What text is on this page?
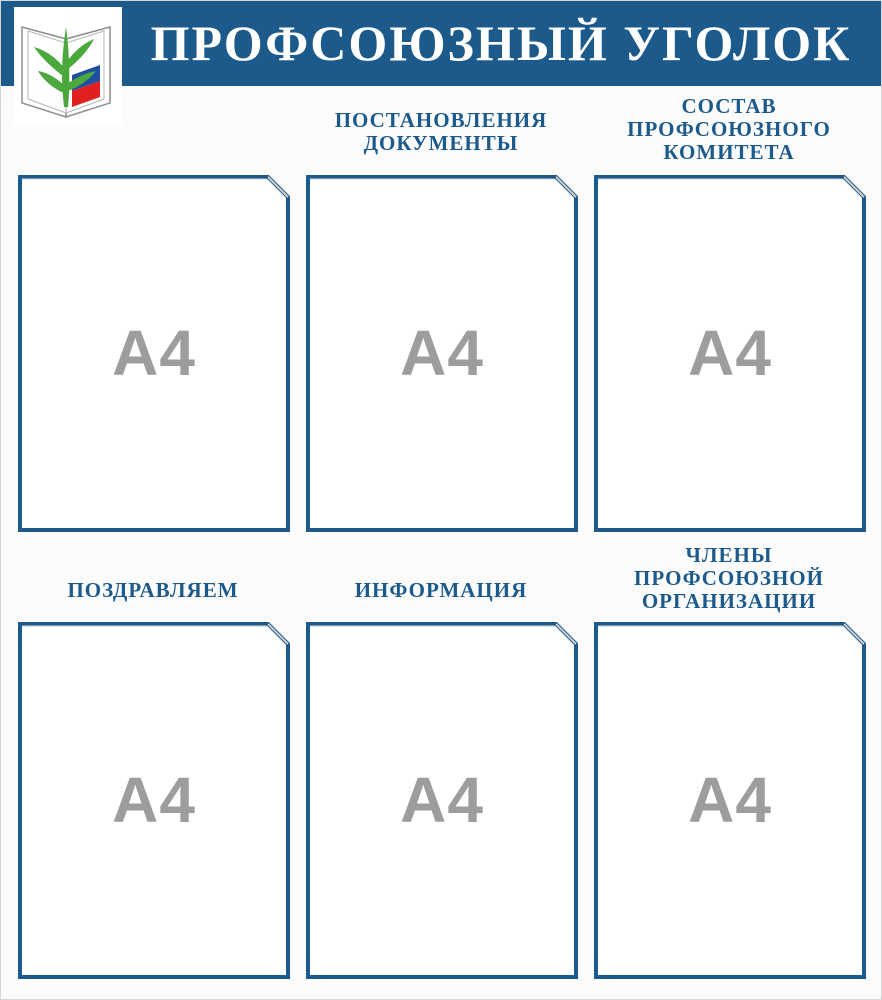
ПРОФСОЮЗНЫЙ УГОЛОК
ПОСТАНОВЛЕНИЯ
ДОКУМЕНТЫ
СОСТАВ
ПРОФСОЮЗНОГО
КОМИТЕТА
ПОЗДРАВЛЯЕМ	ИНФОРМАЦИЯ
ЧЛЕНЫ
ПРОФСОЮЗНОЙ
ОРГАНИЗАЦИИ
A4	A4	A4
A4	A4	A4
